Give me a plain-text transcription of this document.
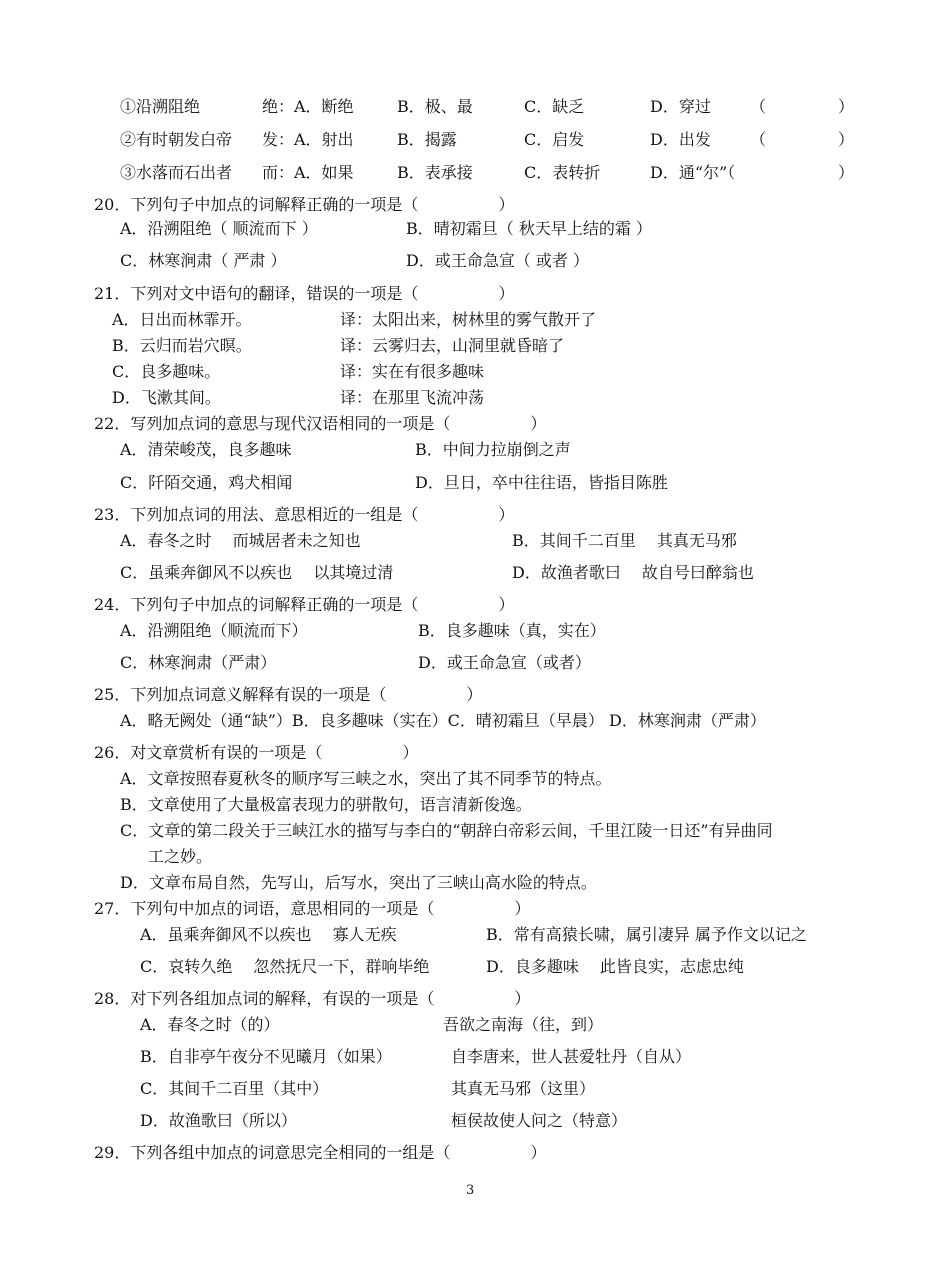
①沿溯阻绝	绝：A．断绝	B．极、最	C．缺乏	D．穿过 （	）
②有时朝发白帝 发：A．射出	B．揭露	C．启发	D．出发 （	）
③水落而石出者 而：A．如果	B．表承接	C．表转折	D．通“尔”（	）
20．下列句子中加点的词解释正确的一项是（　　　　　）
A．沿溯阻绝（ 顺流而下 ）	B．晴初霜旦（ 秋天早上结的霜 ）
C．林寒涧肃（ 严肃 ）	D．或王命急宣（ 或者 ）
21．下列对文中语句的翻译，错误的一项是（　　　　　）
A．日出而林霏开。	译：太阳出来，树林里的雾气散开了
B．云归而岩穴暝。	译：云雾归去，山洞里就昏暗了
C．良多趣味。	译：实在有很多趣味
D．飞漱其间。	译：在那里飞流冲荡
22．写列加点词的意思与现代汉语相同的一项是（　　　　　）
A．清荣峻茂，良多趣味	B．中间力拉崩倒之声
C．阡陌交通，鸡犬相闻	D．旦日，卒中往往语，皆指目陈胜
23．下列加点词的用法、意思相近的一组是（　　　　　）
A．春冬之时　 而城居者未之知也	B．其间千二百里　 其真无马邪
C．虽乘奔御风不以疾也　 以其境过清	D．故渔者歌曰　 故自号曰醉翁也
24．下列句子中加点的词解释正确的一项是（　　　　　）
A．沿溯阻绝（顺流而下）	B．良多趣味（真，实在）
C．林寒涧肃（严肃）	D．或王命急宣（或者）
25．下列加点词意义解释有误的一项是（　　　　　）
A．略无阙处（通“缺”）B．良多趣味（实在）C．晴初霜旦（早晨） D．林寒涧肃（严肃）
26．对文章赏析有误的一项是（　　　　　）
A．文章按照春夏秋冬的顺序写三峡之水，突出了其不同季节的特点。
B．文章使用了大量极富表现力的骈散句，语言清新俊逸。
C．文章的第二段关于三峡江水的描写与李白的“朝辞白帝彩云间，千里江陵一日还”有异曲同
工之妙。
D．文章布局自然，先写山，后写水，突出了三峡山高水险的特点。
27．下列句中加点的词语，意思相同的一项是（　　　　　）
A．虽乘奔御风不以疾也　 寡人无疾	B．常有高猿长啸，属引凄异 属予作文以记之
C．哀转久绝　 忽然抚尺一下，群响毕绝	D．良多趣味　 此皆良实，志虑忠纯
28．对下列各组加点词的解释，有误的一项是（　　　　　）
A．春冬之时（的）	吾欲之南海（往，到）
B．自非亭午夜分不见曦月（如果）	自李唐来，世人甚爱牡丹（自从）
C．其间千二百里（其中）	其真无马邪（这里）
D．故渔歌曰（所以）	桓侯故使人问之（特意）
29．下列各组中加点的词意思完全相同的一组是（　　　　　）
3
